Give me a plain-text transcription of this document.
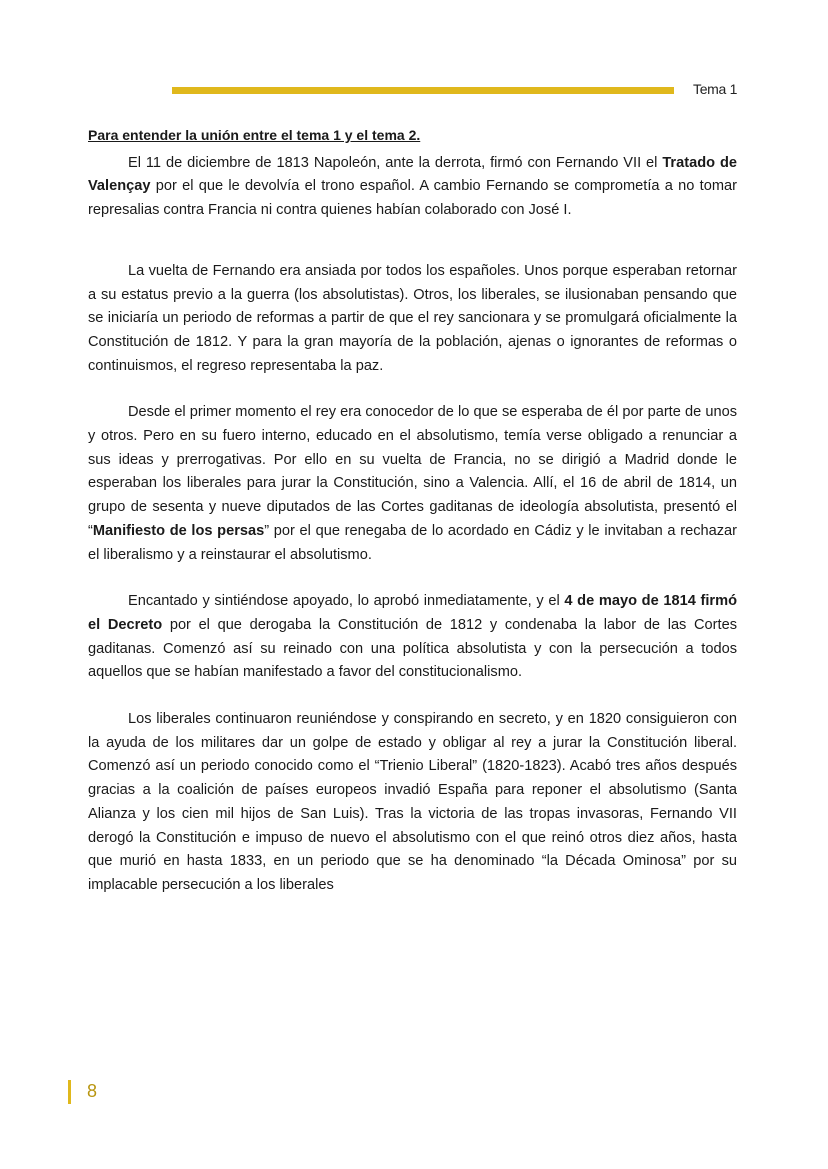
Tema 1
Para entender la unión entre el tema 1 y el tema 2.

El 11 de diciembre de 1813 Napoleón, ante la derrota, firmó con Fernando VII el Tratado de Valençay por el que le devolvía el trono español. A cambio Fernando se comprometía a no tomar represalias contra Francia ni contra quienes habían colaborado con José I.

La vuelta de Fernando era ansiada por todos los españoles. Unos porque esperaban retornar a su estatus previo a la guerra (los absolutistas). Otros, los liberales, se ilusionaban pensando que se iniciaría un periodo de reformas a partir de que el rey sancionara y se promulgará oficialmente la Constitución de 1812. Y para la gran mayoría de la población, ajenas o ignorantes de reformas o continuismos, el regreso representaba la paz.

Desde el primer momento el rey era conocedor de lo que se esperaba de él por parte de unos y otros. Pero en su fuero interno, educado en el absolutismo, temía verse obligado a renunciar a sus ideas y prerrogativas. Por ello en su vuelta de Francia, no se dirigió a Madrid donde le esperaban los liberales para jurar la Constitución, sino a Valencia. Allí, el 16 de abril de 1814, un grupo de sesenta y nueve diputados de las Cortes gaditanas de ideología absolutista, presentó el “Manifiesto de los persas” por el que renegaba de lo acordado en Cádiz y le invitaban a rechazar el liberalismo y a reinstaurar el absolutismo.

Encantado y sintiéndose apoyado, lo aprobó inmediatamente, y el 4 de mayo de 1814 firmó el Decreto por el que derogaba la Constitución de 1812 y condenaba la labor de las Cortes gaditanas. Comenzó así su reinado con una política absolutista y con la persecución a todos aquellos que se habían manifestado a favor del constitucionalismo.

Los liberales continuaron reuniéndose y conspirando en secreto, y en 1820 consiguieron con la ayuda de los militares dar un golpe de estado y obligar al rey a jurar la Constitución liberal. Comenzó así un periodo conocido como el “Trienio Liberal” (1820-1823). Acabó tres años después gracias a la coalición de países europeos invadió España para reponer el absolutismo (Santa Alianza y los cien mil hijos de San Luis). Tras la victoria de las tropas invasoras, Fernando VII derogó la Constitución e impuso de nuevo el absolutismo con el que reinó otros diez años, hasta que murió en hasta 1833, en un periodo que se ha denominado “la Década Ominosa” por su implacable persecución a los liberales

8
